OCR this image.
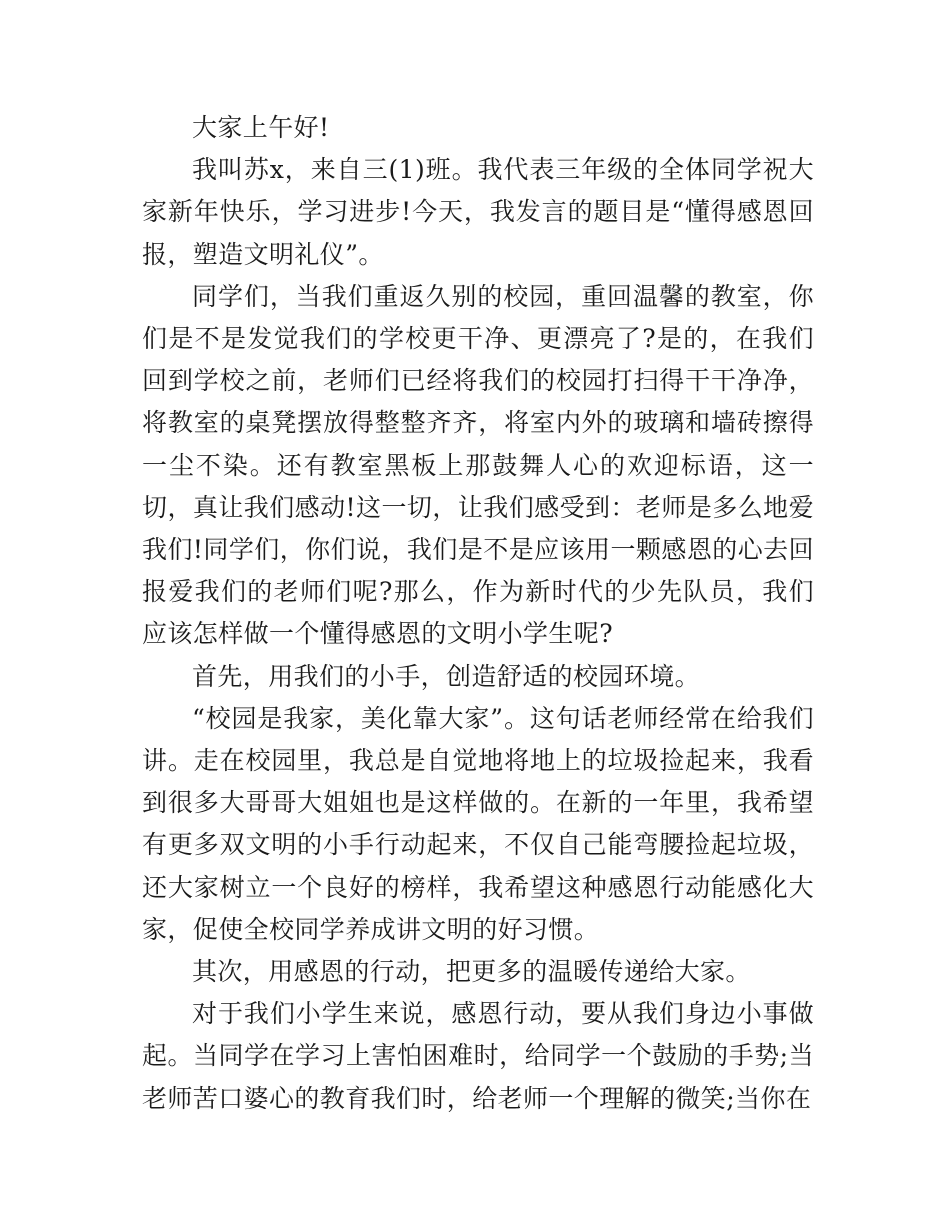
大家上午好!

我叫苏x，来自三(1)班。我代表三年级的全体同学祝大家新年快乐，学习进步!今天，我发言的题目是“懂得感恩回报，塑造文明礼仪”。

同学们，当我们重返久别的校园，重回温馨的教室，你们是不是发觉我们的学校更干净、更漂亮了?是的，在我们回到学校之前，老师们已经将我们的校园打扫得干干净净，将教室的桌凳摆放得整整齐齐，将室内外的玻璃和墙砖擦得一尘不染。还有教室黑板上那鼓舞人心的欢迎标语，这一切，真让我们感动!这一切，让我们感受到：老师是多么地爱我们!同学们，你们说，我们是不是应该用一颗感恩的心去回报爱我们的老师们呢?那么，作为新时代的少先队员，我们应该怎样做一个懂得感恩的文明小学生呢?

首先，用我们的小手，创造舒适的校园环境。

“校园是我家，美化靠大家”。这句话老师经常在给我们讲。走在校园里，我总是自觉地将地上的垃圾捡起来，我看到很多大哥哥大姐姐也是这样做的。在新的一年里，我希望有更多双文明的小手行动起来，不仅自己能弯腰捡起垃圾，还大家树立一个良好的榜样，我希望这种感恩行动能感化大家，促使全校同学养成讲文明的好习惯。

其次，用感恩的行动，把更多的温暖传递给大家。

对于我们小学生来说，感恩行动，要从我们身边小事做起。当同学在学习上害怕困难时，给同学一个鼓励的手势;当老师苦口婆心的教育我们时，给老师一个理解的微笑;当你在
